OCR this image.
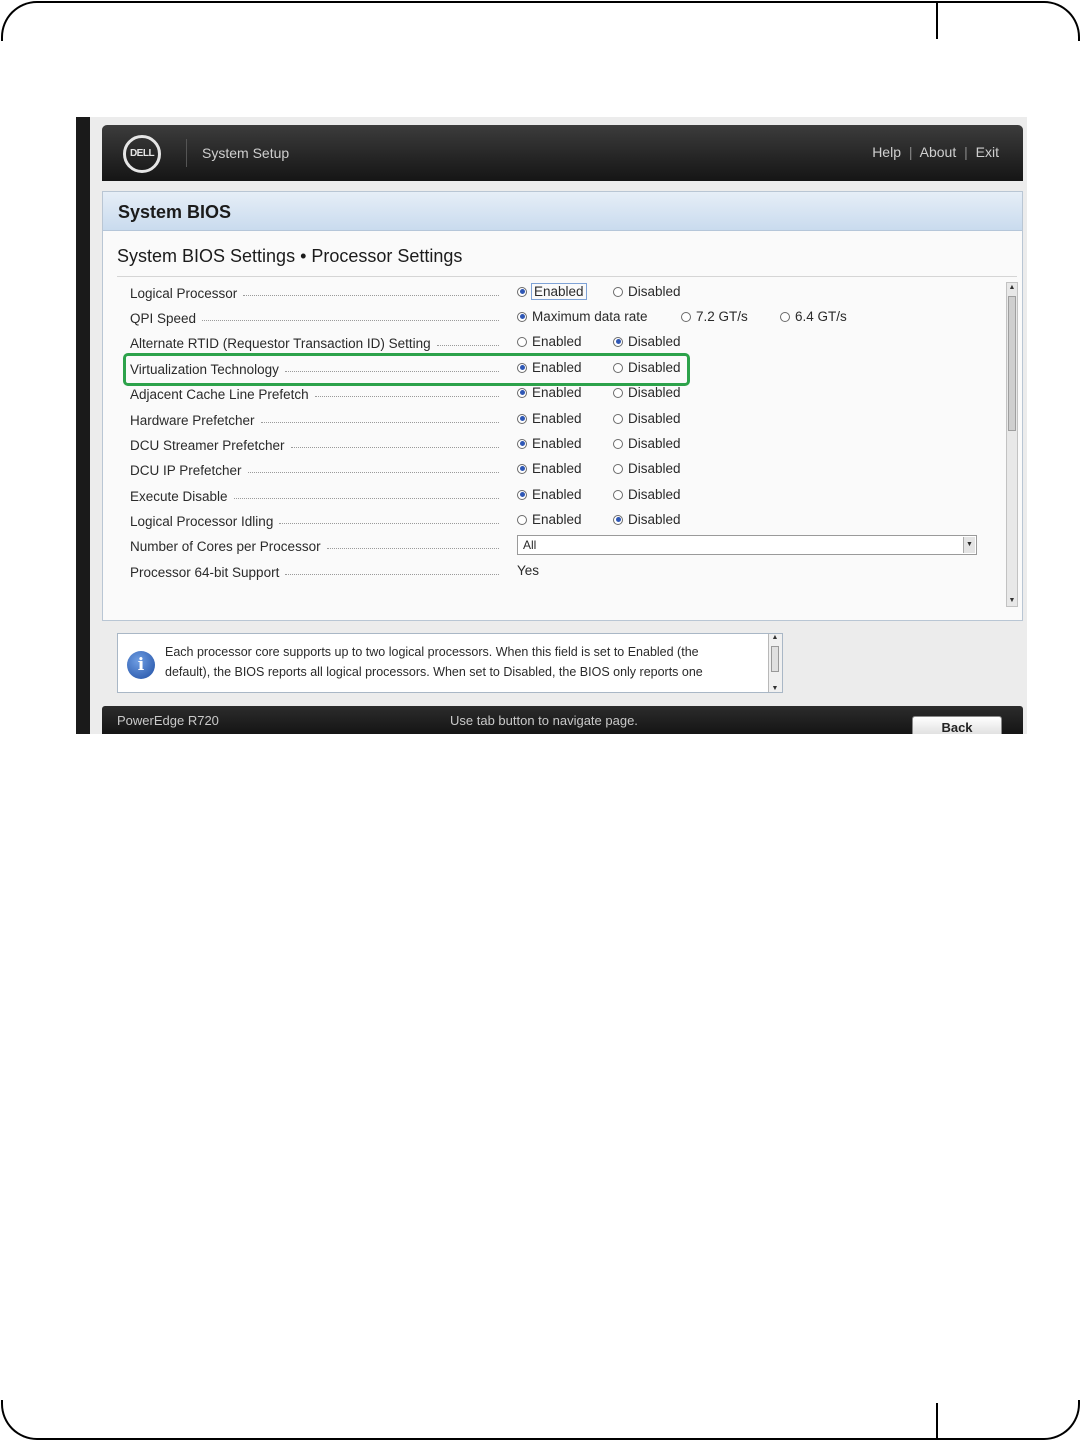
DELL	System Setup	Help | About | Exit
System BIOS
System BIOS Settings • Processor Settings
Logical Processor	Enabled	Disabled
QPI Speed	Maximum data rate	7.2 GT/s	6.4 GT/s
Alternate RTID (Requestor Transaction ID) Setting	Enabled	Disabled
Virtualization Technology	Enabled	Disabled
Adjacent Cache Line Prefetch	Enabled	Disabled
Hardware Prefetcher	Enabled	Disabled
DCU Streamer Prefetcher	Enabled	Disabled
DCU IP Prefetcher	Enabled	Disabled
Execute Disable	Enabled	Disabled
Logical Processor Idling	Enabled	Disabled
Number of Cores per Processor	All	▼
Processor 64-bit Support	Yes
▲
▼
i
Each processor core supports up to two logical processors. When this field is set to Enabled (the
default), the BIOS reports all logical processors. When set to Disabled, the BIOS only reports one
▲
▼
PowerEdge R720	Use tab button to navigate page.	Back
